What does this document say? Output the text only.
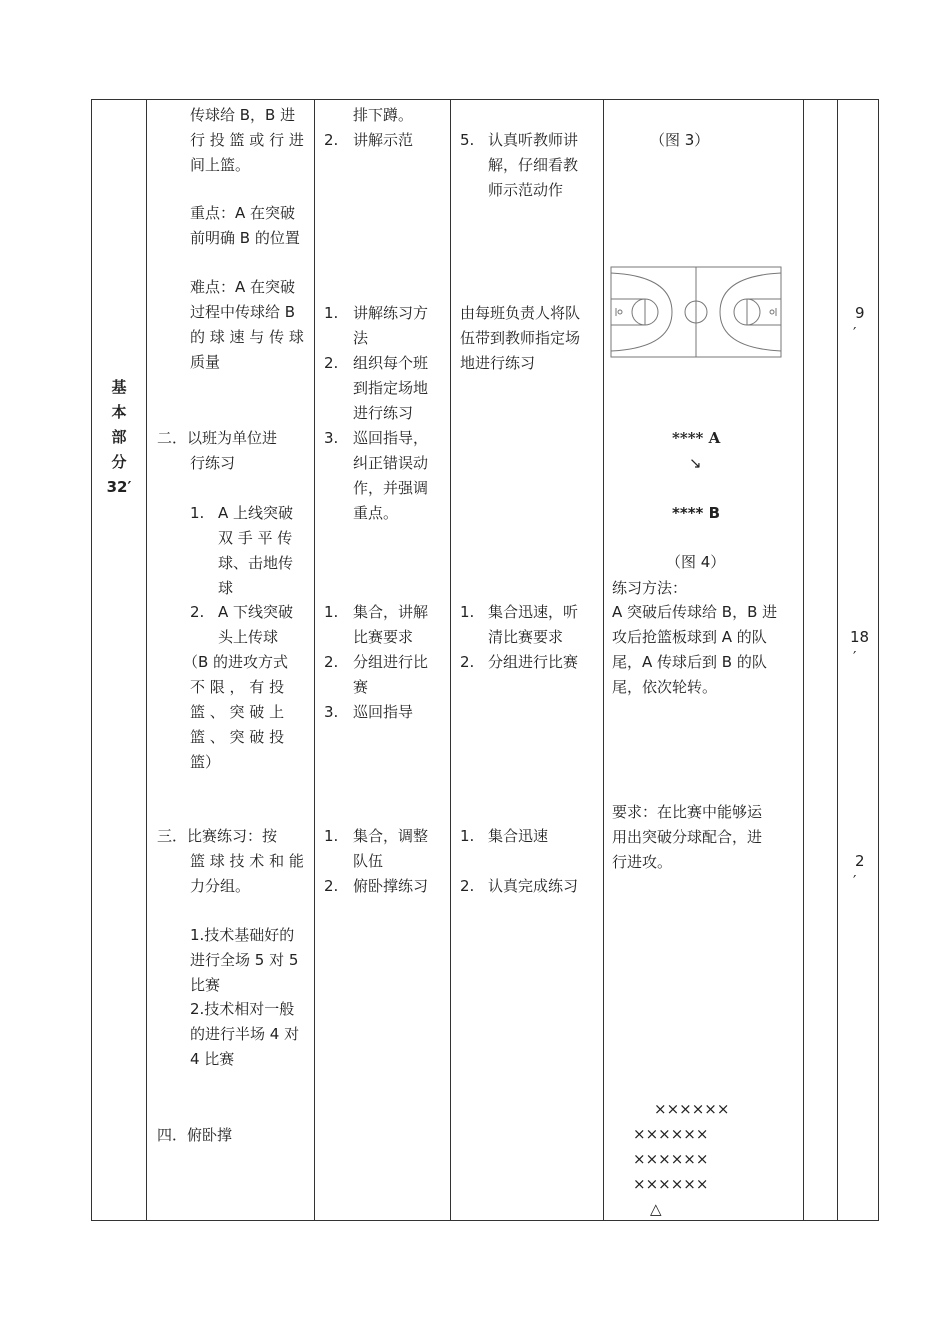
基
本
部
分
32′
传球给 B，B 进
行 投 篮 或 行 进
间上篮。
重点：A 在突破
前明确 B 的位置
难点：A 在突破
过程中传球给 B
的 球 速 与 传 球
质量
二．以班为单位进
行练习
1. A 上线突破
双 手 平 传
球、击地传
球
2. A 下线突破
头上传球
（B 的进攻方式
不 限 ， 有 投
篮 、 突 破 上
篮 、 突 破 投
篮）
三．比赛练习：按
篮 球 技 术 和 能
力分组。
1.技术基础好的
进行全场 5 对 5
比赛
2.技术相对一般
的进行半场 4 对
4 比赛
四．俯卧撑
排下蹲。
2. 讲解示范
1. 讲解练习方
法
2. 组织每个班
到指定场地
进行练习
3. 巡回指导，
纠正错误动
作，并强调
重点。
1. 集合，讲解
比赛要求
2. 分组进行比
赛
3. 巡回指导
1. 集合，调整
队伍
2. 俯卧撑练习
5. 认真听教师讲
解，仔细看教
师示范动作
由每班负责人将队
伍带到教师指定场
地进行练习
1. 集合迅速，听
清比赛要求
2. 分组进行比赛
1. 集合迅速
2. 认真完成练习
（图 3）
**** A
↘
**** B
（图 4）
练习方法：
A 突破后传球给 B，B 进
攻后抢篮板球到 A 的队
尾，A 传球后到 B 的队
尾，依次轮转。
要求：在比赛中能够运
用出突破分球配合，进
行进攻。
××××××
××××××
××××××
××××××
△
9
′
18
′
2
′
